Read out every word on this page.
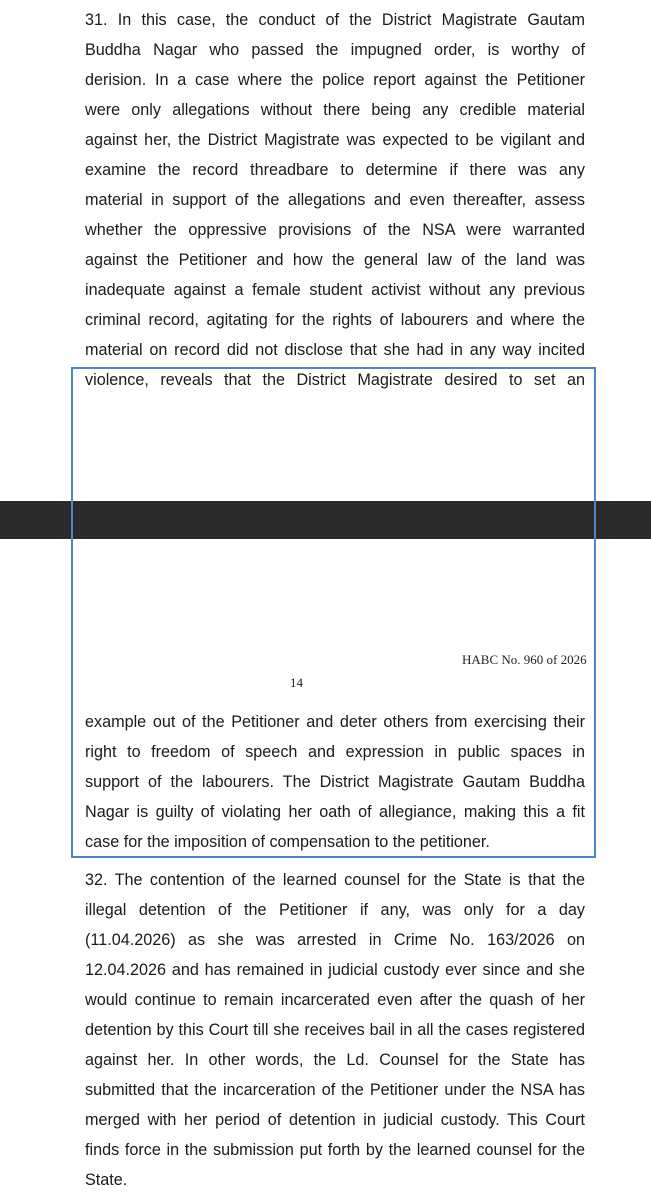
31. In this case, the conduct of the District Magistrate Gautam
Buddha Nagar who passed the impugned order, is worthy of
derision. In a case where the police report against the Petitioner
were only allegations without there being any credible material
against her, the District Magistrate was expected to be vigilant and
examine the record threadbare to determine if there was any
material in support of the allegations and even thereafter, assess
whether the oppressive provisions of the NSA were warranted
against the Petitioner and how the general law of the land was
inadequate against a female student activist without any previous
criminal record, agitating for the rights of labourers and where the
material on record did not disclose that she had in any way incited
violence, reveals that the District Magistrate desired to set an
HABC No. 960 of 2026
14
example out of the Petitioner and deter others from exercising their
right to freedom of speech and expression in public spaces in
support of the labourers. The District Magistrate Gautam Buddha
Nagar is guilty of violating her oath of allegiance, making this a fit
case for the imposition of compensation to the petitioner.
32. The contention of the learned counsel for the State is that the
illegal detention of the Petitioner if any, was only for a day
(11.04.2026) as she was arrested in Crime No. 163/2026 on
12.04.2026 and has remained in judicial custody ever since and she
would continue to remain incarcerated even after the quash of her
detention by this Court till she receives bail in all the cases registered
against her. In other words, the Ld. Counsel for the State has
submitted that the incarceration of the Petitioner under the NSA has
merged with her period of detention in judicial custody. This Court
finds force in the submission put forth by the learned counsel for the
State.
